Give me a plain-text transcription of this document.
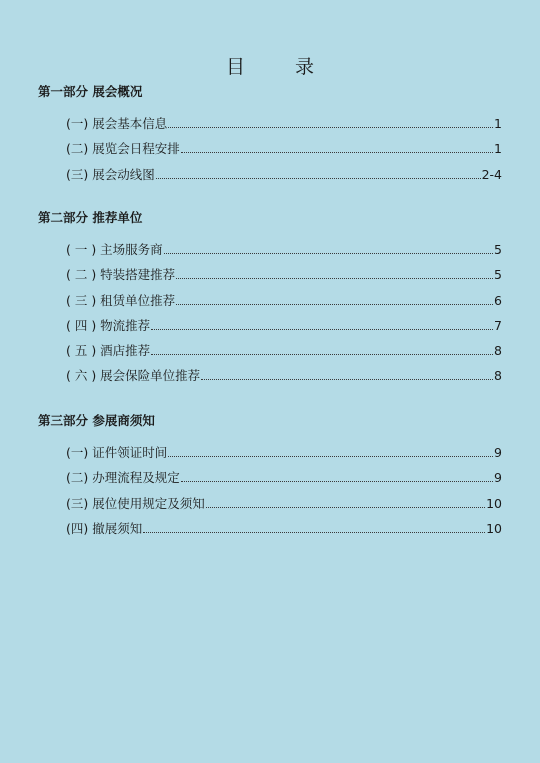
目 录
第一部分 展会概况
(一) 展会基本信息	1
(二) 展览会日程安排	1
(三) 展会动线图	2-4
第二部分 推荐单位
( 一 ) 主场服务商	5
( 二 ) 特装搭建推荐	5
( 三 ) 租赁单位推荐	6
( 四 ) 物流推荐	7
( 五 ) 酒店推荐	8
( 六 ) 展会保险单位推荐	8
第三部分 参展商须知
(一) 证件领证时间	9
(二) 办理流程及规定	9
(三) 展位使用规定及须知	10
(四) 撤展须知	10
